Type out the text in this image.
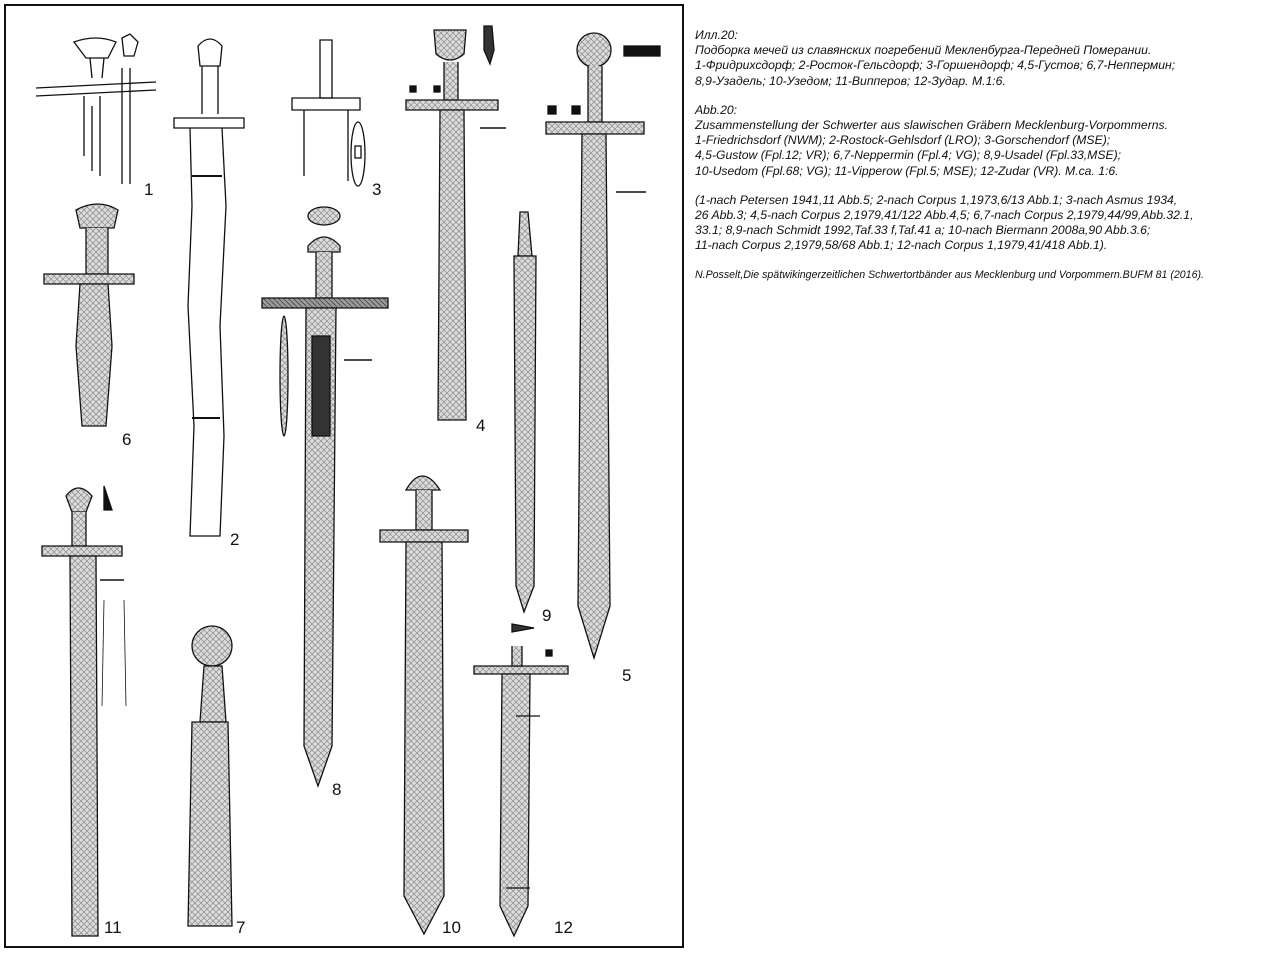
1
2
3
4
5
6
7
8
9
10
11	12
Илл.20:
Подборка мечей из славянских погребений Мекленбурга-Передней Померании.
1-Фридрихсдорф; 2-Росток-Гельсдорф; 3-Горшендорф; 4,5-Густов; 6,7-Неппермин;
8,9-Узадель; 10-Узедом; 11-Випперов; 12-Зудар. М.1:6.
Abb.20:
Zusammenstellung der Schwerter aus slawischen Gräbern Mecklenburg-Vorpommerns.
1-Friedrichsdorf (NWM); 2-Rostock-Gehlsdorf (LRO); 3-Gorschendorf (MSE);
4,5-Gustow (Fpl.12; VR); 6,7-Neppermin (Fpl.4; VG); 8,9-Usadel (Fpl.33,MSE);
10-Usedom (Fpl.68; VG); 11-Vipperow (Fpl.5; MSE); 12-Zudar (VR). M.ca. 1:6.
(1-nach Petersen 1941,11 Abb.5; 2-nach Corpus 1,1973,6/13 Abb.1; 3-nach Asmus 1934,
26 Abb.3; 4,5-nach Corpus 2,1979,41/122 Abb.4,5; 6,7-nach Corpus 2,1979,44/99,Abb.32.1,
33.1; 8,9-nach Schmidt 1992,Taf.33 f,Taf.41 a; 10-nach Biermann 2008a,90 Abb.3.6;
11-nach Corpus 2,1979,58/68 Abb.1; 12-nach Corpus 1,1979,41/418 Abb.1).

N.Posselt,Die spätwikingerzeitlichen Schwertortbänder aus Mecklenburg und Vorpommern.BUFM 81 (2016).
